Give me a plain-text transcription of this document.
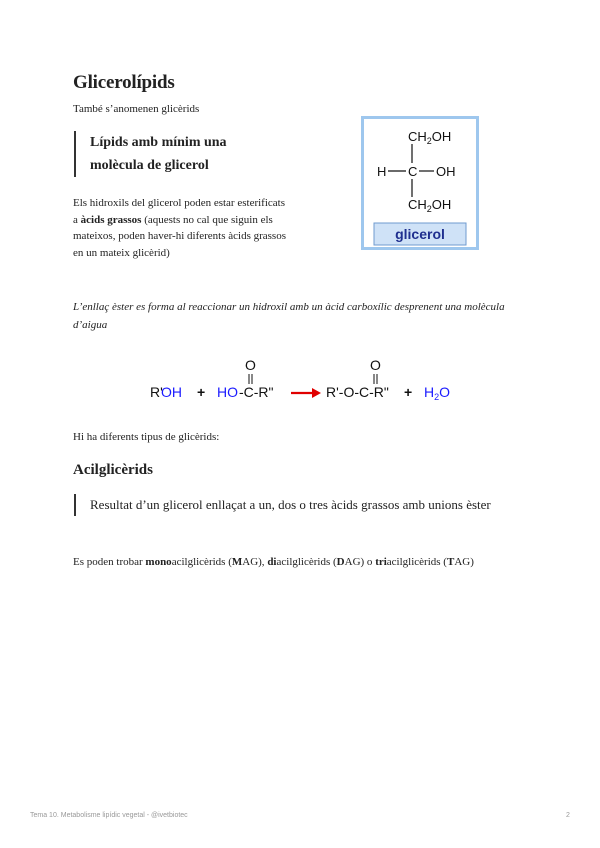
Glicerolípids
També s’anomenen glicèrids
Lípids amb mínim una
molècula de glicerol
Els hidroxils del glicerol poden estar esterificats a àcids grassos (aquests no cal que siguin els mateixos, poden haver-hi diferents àcids grassos en un mateix glicèrid)
$CH_2OH$
H C OH
$CH_2OH$
glicerol
L’enllaç èster es forma al reaccionar un hidroxil amb un àcid carboxílic desprenent una molècula d’aigua
R'
OH + HO -C-R"
O
R'-O-C-R"
O
+ $H_2O$
Hi ha diferents tipus de glicèrids:
Acilglicèrids
Resultat d’un glicerol enllaçat a un, dos o tres àcids grassos amb unions èster
Es poden trobar monoacilglicèrids (MAG), diacilglicèrids (DAG) o triacilglicèrids (TAG)
Tema 10. Metabolisme lipídic vegetal - @ivetbiotec	2
